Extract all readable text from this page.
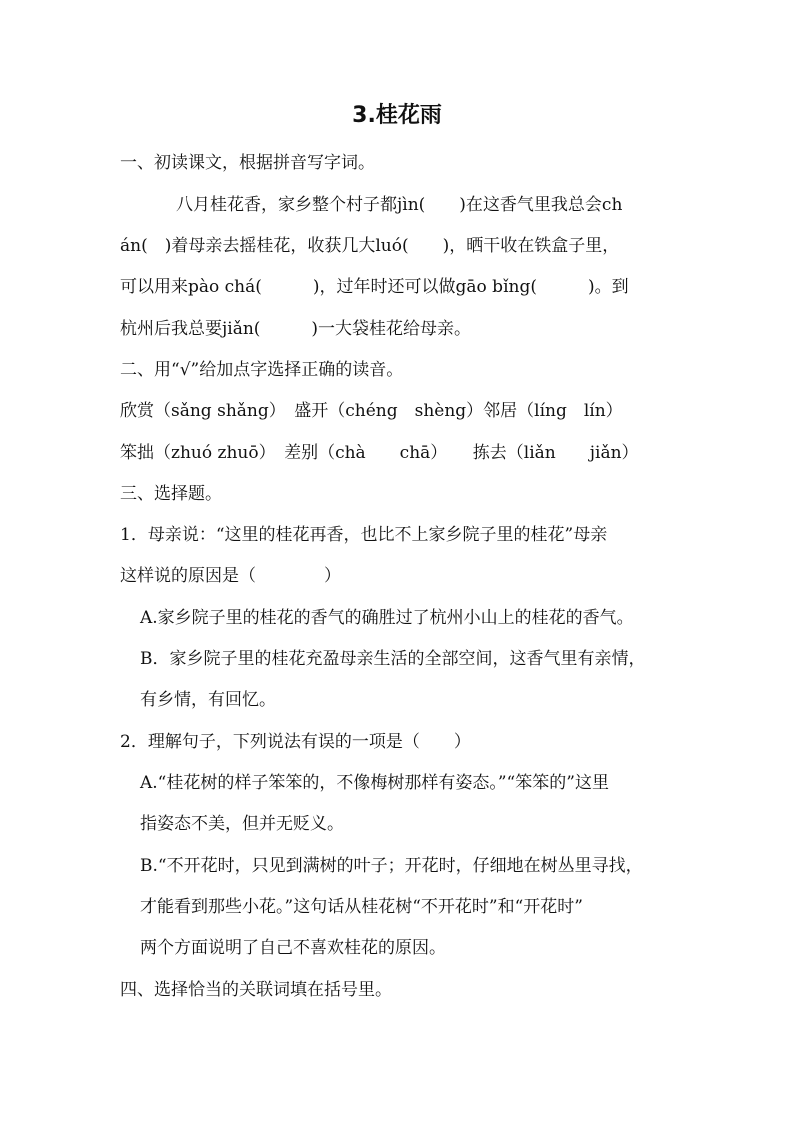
3.桂花雨
一、初读课文，根据拼音写字词。
八月桂花香，家乡整个村子都jìn(　　)在这香气里我总会ch
án(　)着母亲去摇桂花，收获几大luó(　　)，晒干收在铁盒子里，
可以用来pào chá(　　　)，过年时还可以做gāo bǐng(　　　)。到
杭州后我总要jiǎn(　　　)一大袋桂花给母亲。
二、用“√”给加点字选择正确的读音。
欣赏（sǎng shǎng）　盛开（chéng　shèng）邻居（líng　lín）
笨拙（zhuó zhuō）　差别（chà　　chā）　　拣去（liǎn　　jiǎn）
三、选择题。
1．母亲说：“这里的桂花再香，也比不上家乡院子里的桂花”母亲
这样说的原因是（　　　　）
A.家乡院子里的桂花的香气的确胜过了杭州小山上的桂花的香气。
B．家乡院子里的桂花充盈母亲生活的全部空间，这香气里有亲情，
有乡情，有回忆。
2．理解句子，下列说法有误的一项是（　　）
A.“桂花树的样子笨笨的，不像梅树那样有姿态。”“笨笨的”这里
指姿态不美，但并无贬义。
B.“不开花时，只见到满树的叶子；开花时，仔细地在树丛里寻找，
才能看到那些小花。”这句话从桂花树“不开花时”和“开花时”
两个方面说明了自己不喜欢桂花的原因。
四、选择恰当的关联词填在括号里。
